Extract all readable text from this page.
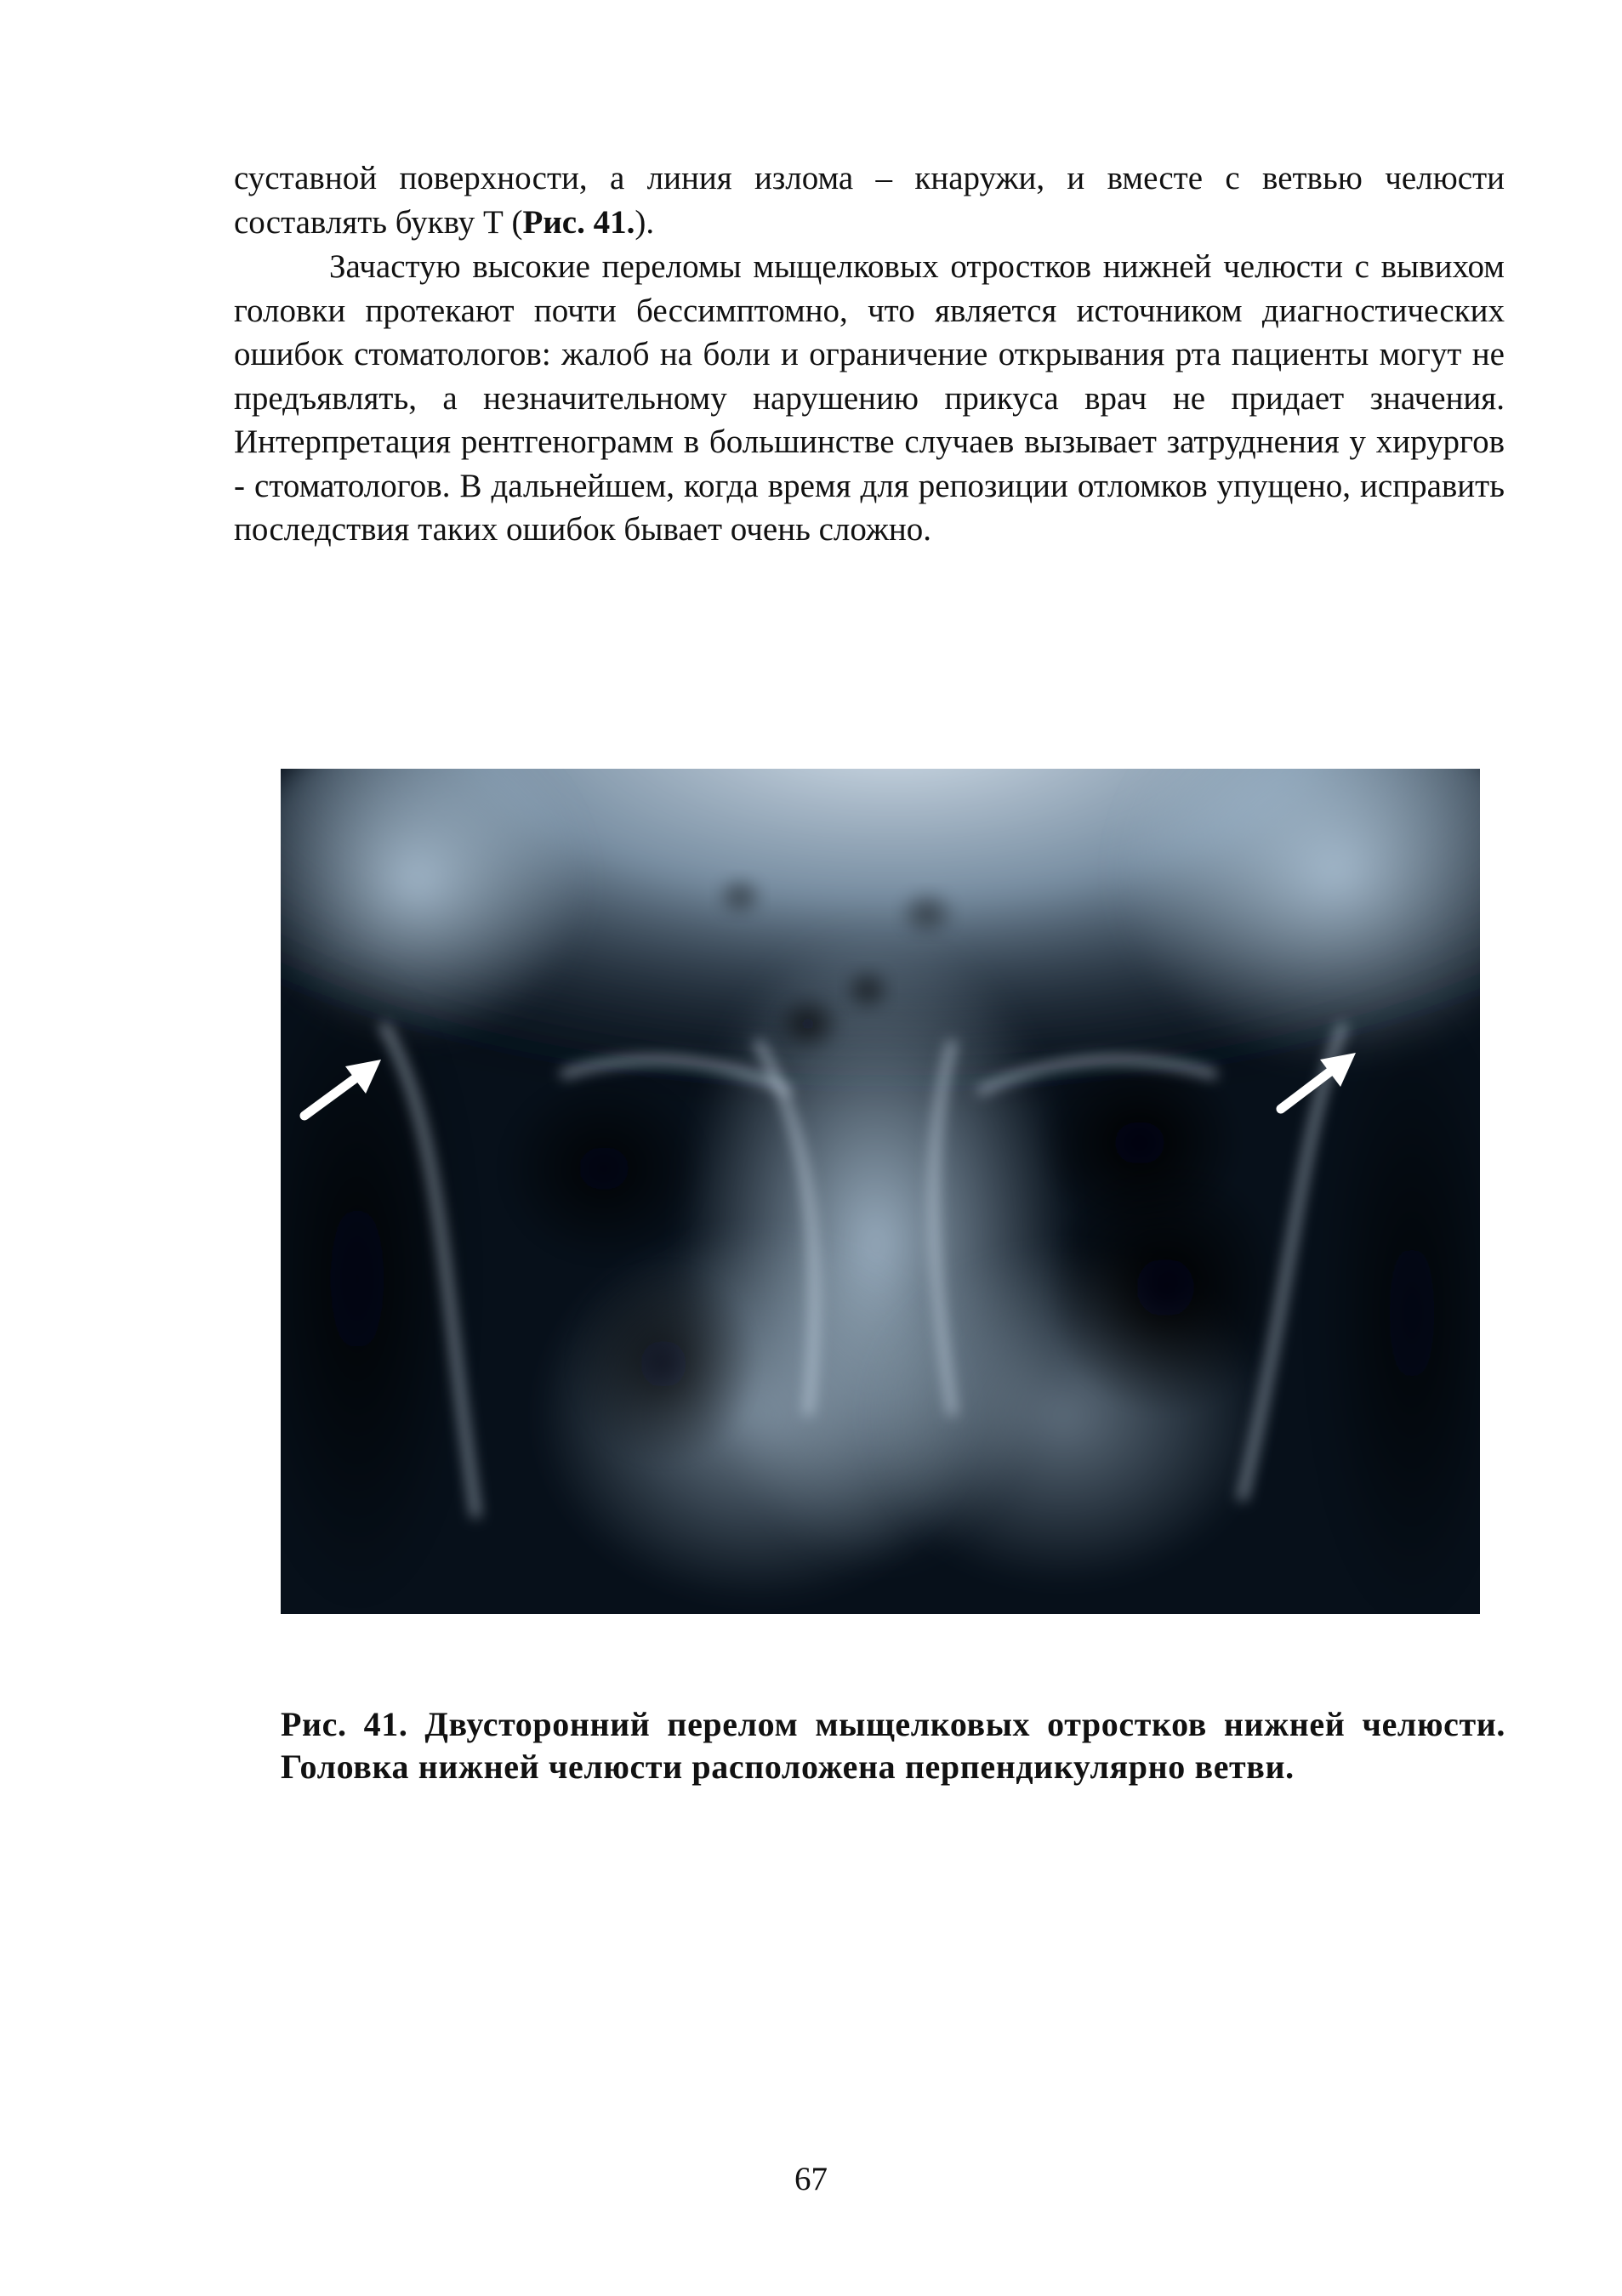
суставной поверхности, а линия излома – кнаружи, и вместе с ветвью челюсти составлять букву Т (Рис. 41.).

Зачастую высокие переломы мыщелковых отростков нижней челюсти с вывихом головки протекают почти бессимптомно, что является источником диагностических ошибок стоматологов: жалоб на боли и ограничение открывания рта пациенты могут не предъявлять, а незначительному нарушению прикуса врач не придает значения. Интерпретация рентгенограмм в большинстве случаев вызывает затруднения у хирургов - стоматологов. В дальнейшем, когда время для репозиции отломков упущено, исправить последствия таких ошибок бывает очень сложно.

Рис. 41. Двусторонний перелом мыщелковых отростков нижней челюсти. Головка нижней челюсти расположена перпендикулярно ветви.

67
